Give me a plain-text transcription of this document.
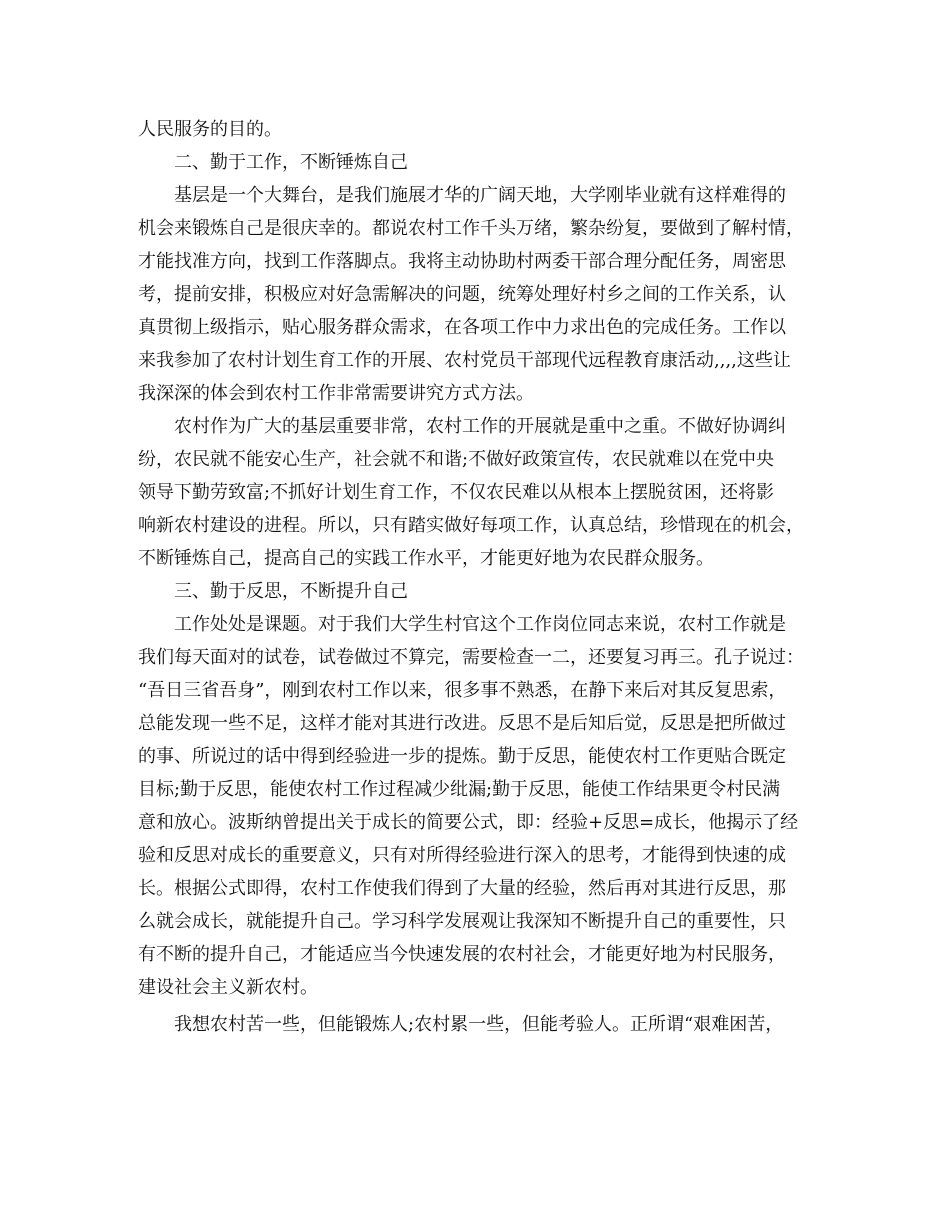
人民服务的目的。
二、勤于工作，不断锤炼自己
基层是一个大舞台，是我们施展才华的广阔天地，大学刚毕业就有这样难得的
机会来锻炼自己是很庆幸的。都说农村工作千头万绪，繁杂纷复，要做到了解村情，
才能找准方向，找到工作落脚点。我将主动协助村两委干部合理分配任务，周密思
考，提前安排，积极应对好急需解决的问题，统筹处理好村乡之间的工作关系，认
真贯彻上级指示，贴心服务群众需求，在各项工作中力求出色的完成任务。工作以
来我参加了农村计划生育工作的开展、农村党员干部现代远程教育康活动,,,,这些让
我深深的体会到农村工作非常需要讲究方式方法。
农村作为广大的基层重要非常，农村工作的开展就是重中之重。不做好协调纠
纷，农民就不能安心生产，社会就不和谐;不做好政策宣传，农民就难以在党中央
领导下勤劳致富;不抓好计划生育工作，不仅农民难以从根本上摆脱贫困，还将影
响新农村建设的进程。所以，只有踏实做好每项工作，认真总结，珍惜现在的机会，
不断锤炼自己，提高自己的实践工作水平，才能更好地为农民群众服务。
三、勤于反思，不断提升自己
工作处处是课题。对于我们大学生村官这个工作岗位同志来说，农村工作就是
我们每天面对的试卷，试卷做过不算完，需要检查一二，还要复习再三。孔子说过：
“吾日三省吾身”，刚到农村工作以来，很多事不熟悉，在静下来后对其反复思索，
总能发现一些不足，这样才能对其进行改进。反思不是后知后觉，反思是把所做过
的事、所说过的话中得到经验进一步的提炼。勤于反思，能使农村工作更贴合既定
目标;勤于反思，能使农村工作过程减少纰漏;勤于反思，能使工作结果更令村民满
意和放心。波斯纳曾提出关于成长的简要公式，即：经验+反思=成长，他揭示了经
验和反思对成长的重要意义，只有对所得经验进行深入的思考，才能得到快速的成
长。根据公式即得，农村工作使我们得到了大量的经验，然后再对其进行反思，那
么就会成长，就能提升自己。学习科学发展观让我深知不断提升自己的重要性，只
有不断的提升自己，才能适应当今快速发展的农村社会，才能更好地为村民服务，
建设社会主义新农村。
我想农村苦一些，但能锻炼人;农村累一些，但能考验人。正所谓“艰难困苦，
